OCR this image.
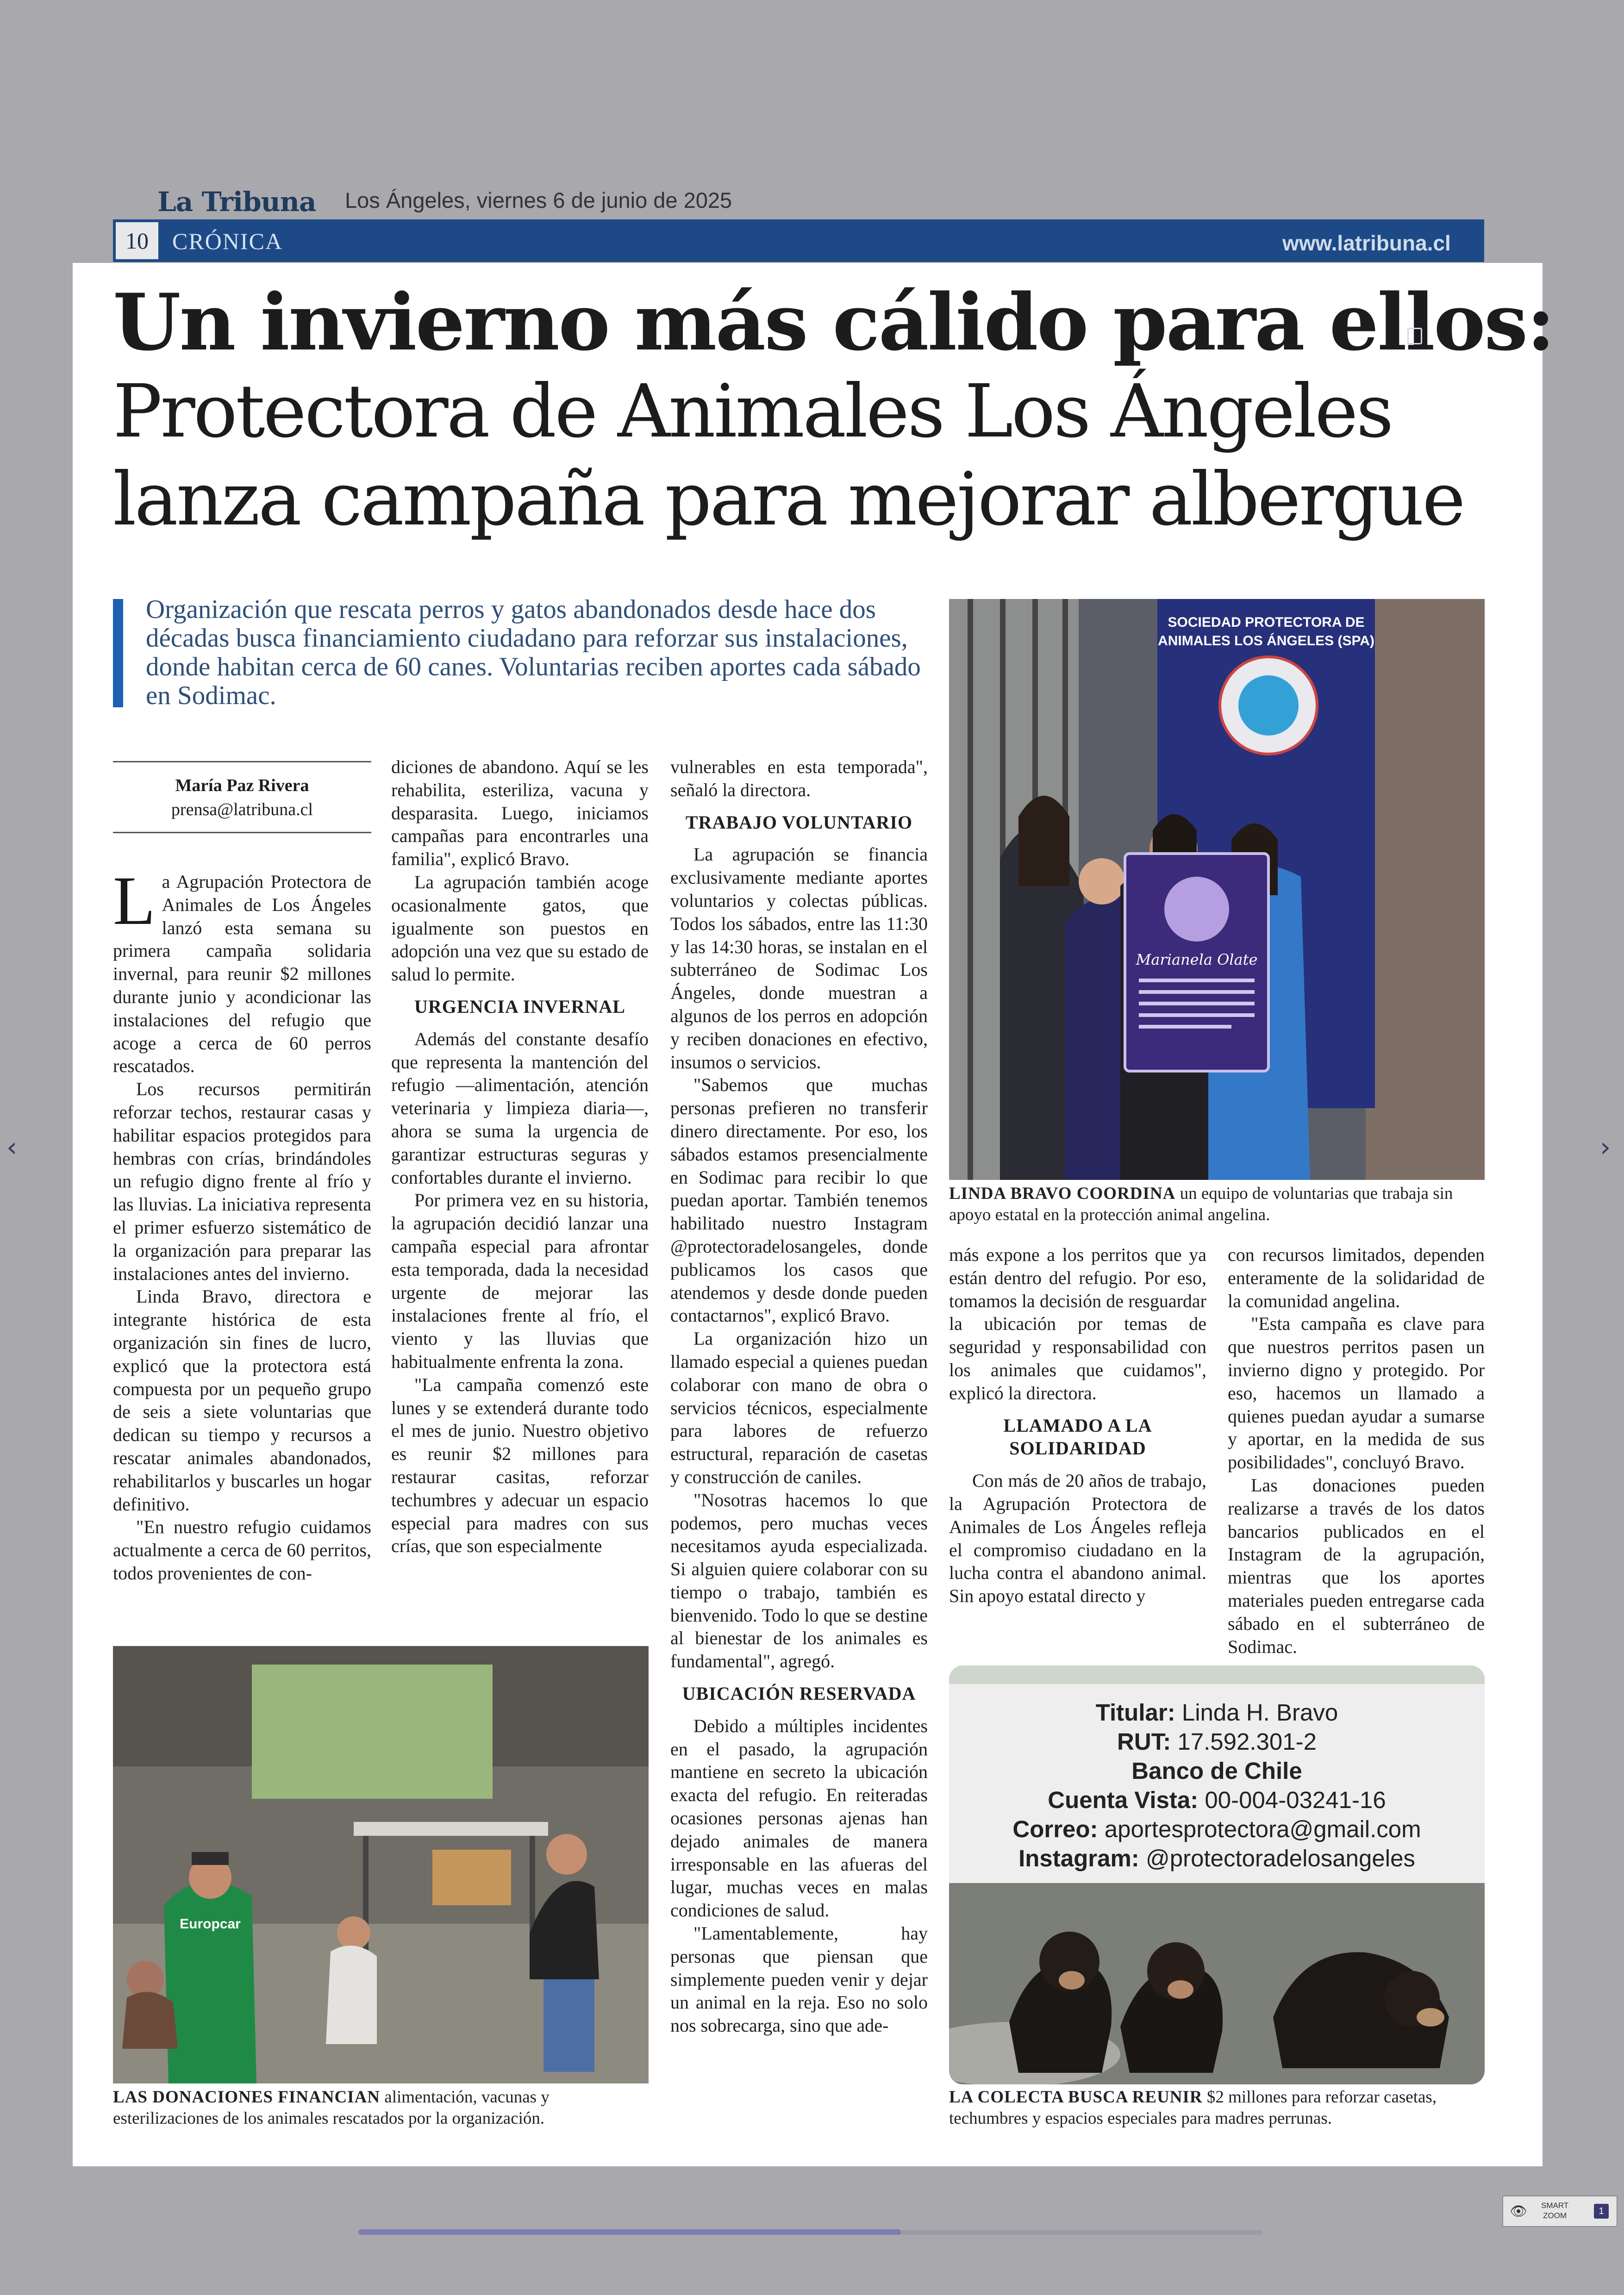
La Tribuna Los Ángeles, viernes 6 de junio de 2025
10	CRÓNICA	www.latribuna.cl
Un invierno más cálido para ellos:
Protectora de Animales Los Ángeles
lanza campaña para mejorar albergue
Organización que rescata perros y gatos abandonados desde hace dos décadas busca financiamiento ciudadano para reforzar sus instalaciones, donde habitan cerca de 60 canes. Voluntarias reciben aportes cada sábado en Sodimac.
María Paz Rivera
prensa@latribuna.cl

La Agrupación Protectora de Animales de Los Ángeles lanzó esta semana su primera campaña solidaria invernal, para reunir $2 millones durante junio y acondicionar las instalaciones del refugio que acoge a cerca de 60 perros rescatados.

Los recursos permitirán reforzar techos, restaurar casas y habilitar espacios protegidos para hembras con crías, brindándoles un refugio digno frente al frío y las lluvias. La iniciativa representa el primer esfuerzo sistemático de la organización para preparar las instalaciones antes del invierno.

Linda Bravo, directora e integrante histórica de esta organización sin fines de lucro, explicó que la protectora está compuesta por un pequeño grupo de seis a siete voluntarias que dedican su tiempo y recursos a rescatar animales abandonados, rehabilitarlos y buscarles un hogar definitivo.

"En nuestro refugio cuidamos actualmente a cerca de 60 perritos, todos provenientes de con-

diciones de abandono. Aquí se les rehabilita, esteriliza, vacuna y desparasita. Luego, iniciamos campañas para encontrarles una familia", explicó Bravo.

La agrupación también acoge ocasionalmente gatos, que igualmente son puestos en adopción una vez que su estado de salud lo permite.

URGENCIA INVERNAL

Además del constante desafío que representa la mantención del refugio —alimentación, atención veterinaria y limpieza diaria—, ahora se suma la urgencia de garantizar estructuras seguras y confortables durante el invierno.

Por primera vez en su historia, la agrupación decidió lanzar una campaña especial para afrontar esta temporada, dada la necesidad urgente de mejorar las instalaciones frente al frío, el viento y las lluvias que habitualmente enfrenta la zona.

"La campaña comenzó este lunes y se extenderá durante todo el mes de junio. Nuestro objetivo es reunir $2 millones para restaurar casitas, reforzar techumbres y adecuar un espacio especial para madres con sus crías, que son especialmente

vulnerables en esta temporada", señaló la directora.

TRABAJO VOLUNTARIO

La agrupación se financia exclusivamente mediante aportes voluntarios y colectas públicas. Todos los sábados, entre las 11:30 y las 14:30 horas, se instalan en el subterráneo de Sodimac Los Ángeles, donde muestran a algunos de los perros en adopción y reciben donaciones en efectivo, insumos o servicios.

"Sabemos que muchas personas prefieren no transferir dinero directamente. Por eso, los sábados estamos presencialmente en Sodimac para recibir lo que puedan aportar. También tenemos habilitado nuestro Instagram @protectoradelosangeles, donde publicamos los casos que atendemos y desde donde pueden contactarnos", explicó Bravo.

La organización hizo un llamado especial a quienes puedan colaborar con mano de obra o servicios técnicos, especialmente para labores de refuerzo estructural, reparación de casetas y construcción de caniles.

"Nosotras hacemos lo que podemos, pero muchas veces necesitamos ayuda especializada. Si alguien quiere colaborar con su tiempo o trabajo, también es bienvenido. Todo lo que se destine al bienestar de los animales es fundamental", agregó.

UBICACIÓN RESERVADA

Debido a múltiples incidentes en el pasado, la agrupación mantiene en secreto la ubicación exacta del refugio. En reiteradas ocasiones personas ajenas han dejado animales de manera irresponsable en las afueras del lugar, muchas veces en malas condiciones de salud.

"Lamentablemente, hay personas que piensan que simplemente pueden venir y dejar un animal en la reja. Eso no solo nos sobrecarga, sino que ade-

más expone a los perritos que ya están dentro del refugio. Por eso, tomamos la decisión de resguardar la ubicación por temas de seguridad y responsabilidad con los animales que cuidamos", explicó la directora.

LLAMADO A LA SOLIDARIDAD

Con más de 20 años de trabajo, la Agrupación Protectora de Animales de Los Ángeles refleja el compromiso ciudadano en la lucha contra el abandono animal. Sin apoyo estatal directo y

con recursos limitados, dependen enteramente de la solidaridad de la comunidad angelina.

"Esta campaña es clave para que nuestros perritos pasen un invierno digno y protegido. Por eso, hacemos un llamado a quienes puedan ayudar a sumarse y aportar, en la medida de sus posibilidades", concluyó Bravo.

Las donaciones pueden realizarse a través de los datos bancarios publicados en el Instagram de la agrupación, mientras que los aportes materiales pueden entregarse cada sábado en el subterráneo de Sodimac.

SOCIEDAD PROTECTORA DE
ANIMALES LOS ÁNGELES (SPA)
Marianela Olate
LINDA BRAVO COORDINA un equipo de voluntarias que trabaja sin apoyo estatal en la protección animal angelina.
Europcar
LAS DONACIONES FINANCIAN alimentación, vacunas y esterilizaciones de los animales rescatados por la organización.
Titular: Linda H. Bravo
RUT: 17.592.301-2
Banco de Chile
Cuenta Vista: 00-004-03241-16
Correo: aportesprotectora@gmail.com
Instagram: @protectoradelosangeles
LA COLECTA BUSCA REUNIR $2 millones para reforzar casetas, techumbres y espacios especiales para madres perrunas.
‹	›
👁 SMART
ZOOM	1
